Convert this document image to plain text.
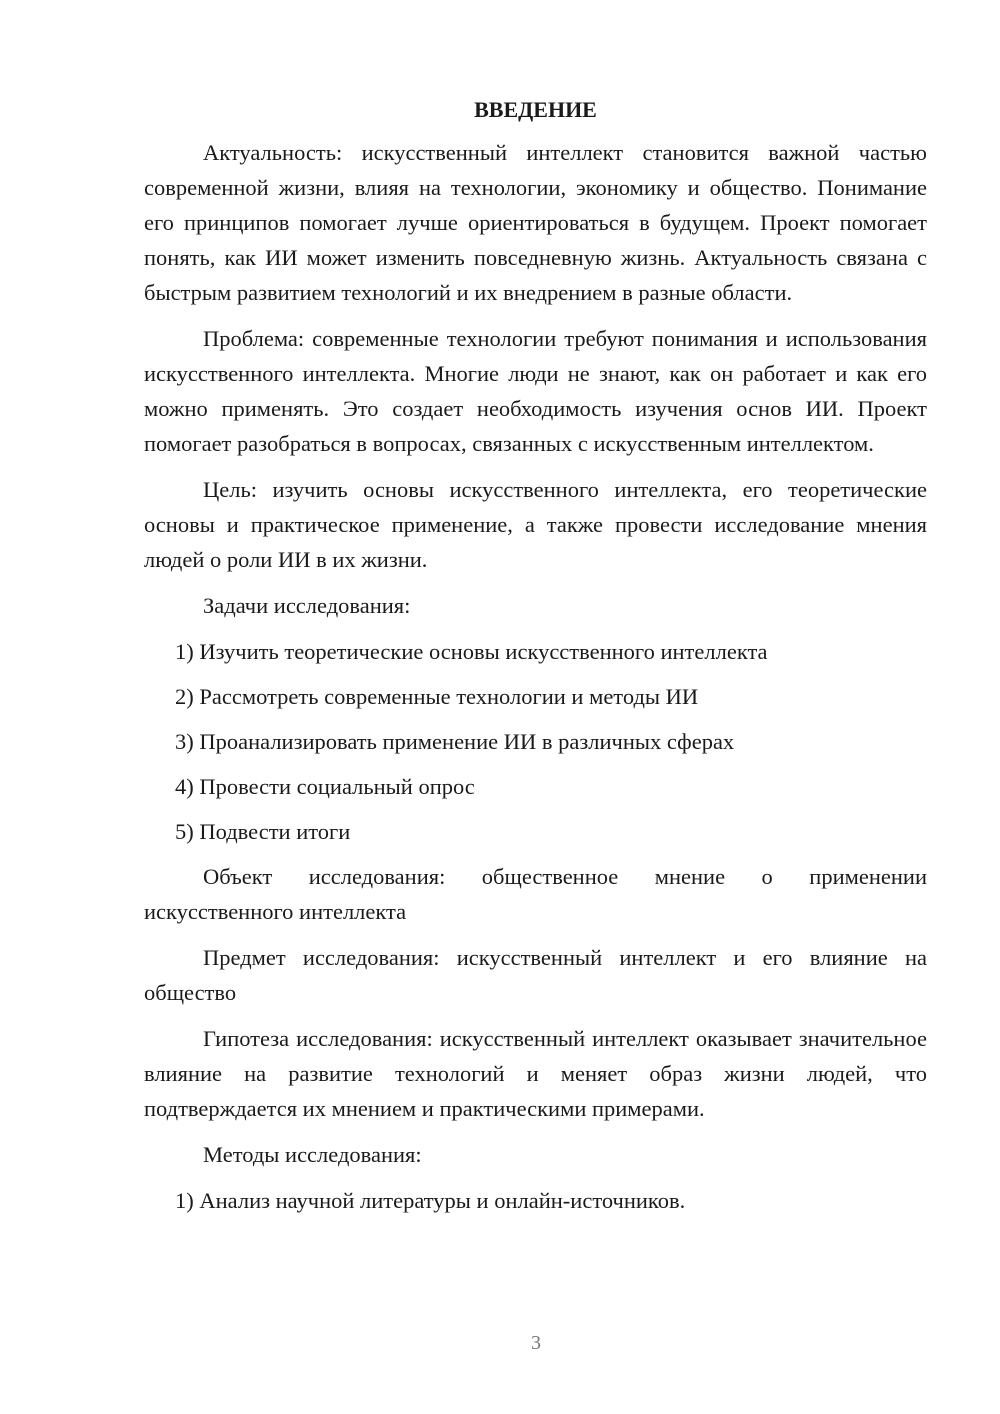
ВВЕДЕНИЕ

Актуальность: искусственный интеллект становится важной частью современной жизни, влияя на технологии, экономику и общество. Понимание его принципов помогает лучше ориентироваться в будущем. Проект помогает понять, как ИИ может изменить повседневную жизнь. Актуальность связана с быстрым развитием технологий и их внедрением в разные области.

Проблема: современные технологии требуют понимания и использования искусственного интеллекта. Многие люди не знают, как он работает и как его можно применять. Это создает необходимость изучения основ ИИ. Проект помогает разобраться в вопросах, связанных с искусственным интеллектом.

Цель: изучить основы искусственного интеллекта, его теоретические основы и практическое применение, а также провести исследование мнения людей о роли ИИ в их жизни.

Задачи исследования:

1) Изучить теоретические основы искусственного интеллекта
2) Рассмотреть современные технологии и методы ИИ
3) Проанализировать применение ИИ в различных сферах
4) Провести социальный опрос
5) Подвести итоги

Объект исследования: общественное мнение о применении искусственного интеллекта

Предмет исследования: искусственный интеллект и его влияние на общество

Гипотеза исследования: искусственный интеллект оказывает значительное влияние на развитие технологий и меняет образ жизни людей, что подтверждается их мнением и практическими примерами.

Методы исследования:

1) Анализ научной литературы и онлайн-источников.
3
